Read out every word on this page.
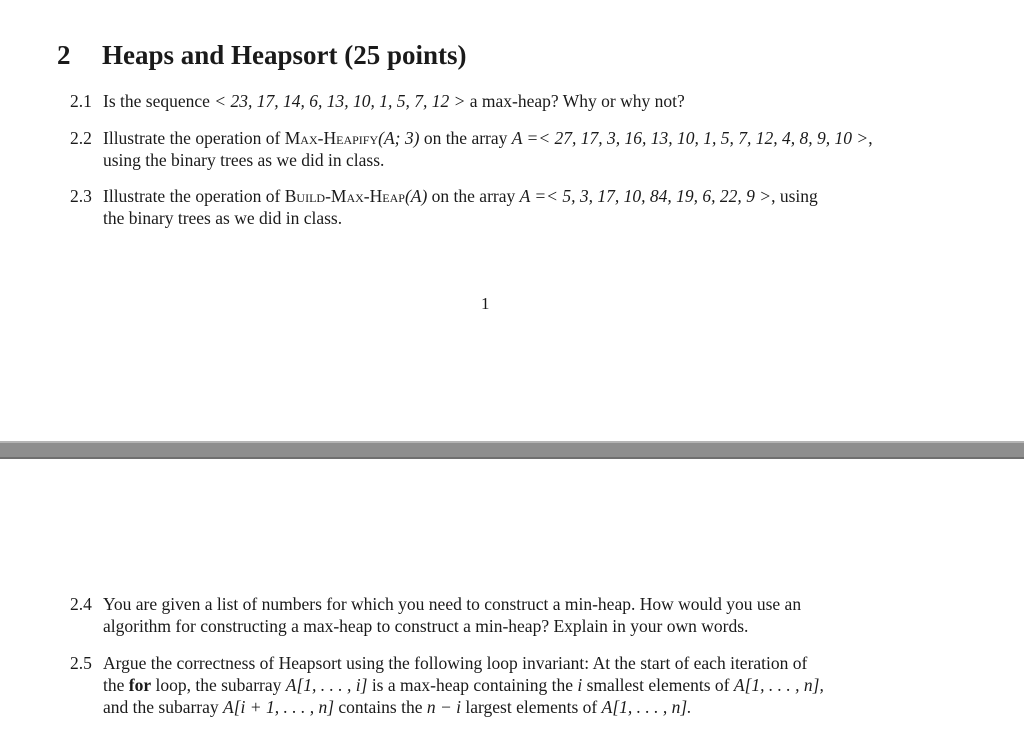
2 Heaps and Heapsort (25 points)
2.1 Is the sequence < 23, 17, 14, 6, 13, 10, 1, 5, 7, 12 > a max-heap? Why or why not?
2.2 Illustrate the operation of Max-Heapify(A; 3) on the array A =< 27, 17, 3, 16, 13, 10, 1, 5, 7, 12, 4, 8, 9, 10 >,
using the binary trees as we did in class.
2.3 Illustrate the operation of Build-Max-Heap(A) on the array A =< 5, 3, 17, 10, 84, 19, 6, 22, 9 >, using
the binary trees as we did in class.
1
2.4 You are given a list of numbers for which you need to construct a min-heap. How would you use an
algorithm for constructing a max-heap to construct a min-heap? Explain in your own words.
2.5 Argue the correctness of Heapsort using the following loop invariant: At the start of each iteration of
the for loop, the subarray A[1, . . . , i] is a max-heap containing the i smallest elements of A[1, . . . , n],
and the subarray A[i + 1, . . . , n] contains the n − i largest elements of A[1, . . . , n].
